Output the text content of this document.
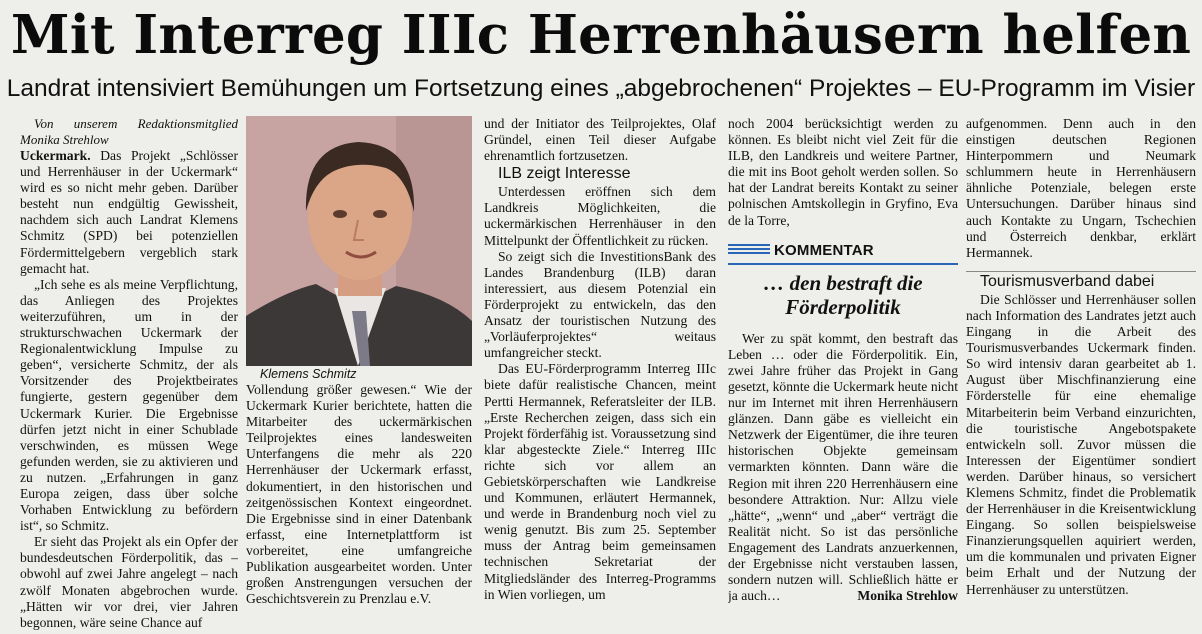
Mit Interreg IIIc Herrenhäusern helfen
Landrat intensiviert Bemühungen um Fortsetzung eines „abgebrochenen“ Projektes – EU-Programm im Visier

Von unserem Redaktionsmitglied Monika Strehlow

Uckermark. Das Projekt „Schlösser und Herrenhäuser in der Uckermark“ wird es so nicht mehr geben. Darüber besteht nun endgültig Gewissheit, nachdem sich auch Landrat Klemens Schmitz (SPD) bei potenziellen Fördermittelgebern vergeblich stark gemacht hat.

„Ich sehe es als meine Verpflichtung, das Anliegen des Projektes weiterzuführen, um in der strukturschwachen Uckermark der Regionalentwicklung Impulse zu geben“, versicherte Schmitz, der als Vorsitzender des Projektbeirates fungierte, gestern gegenüber dem Uckermark Kurier. Die Ergebnisse dürfen jetzt nicht in einer Schublade verschwinden, es müssen Wege gefunden werden, sie zu aktivieren und zu nutzen. „Erfahrungen in ganz Europa zeigen, dass über solche Vorhaben Entwicklung zu befördern ist“, so Schmitz.

Er sieht das Projekt als ein Opfer der bundesdeutschen Förderpolitik, das – obwohl auf zwei Jahre angelegt – nach zwölf Monaten abgebrochen wurde. „Hätten wir vor drei, vier Jahren begonnen, wäre seine Chance auf

Klemens Schmitz

Vollendung größer gewesen.“ Wie der Uckermark Kurier berichtete, hatten die Mitarbeiter des uckermärkischen Teilprojektes eines landesweiten Unterfangens die mehr als 220 Herrenhäuser der Uckermark erfasst, dokumentiert, in den historischen und zeitgenössischen Kontext eingeordnet. Die Ergebnisse sind in einer Datenbank erfasst, eine Internetplattform ist vorbereitet, eine umfangreiche Publikation ausgearbeitet worden. Unter großen Anstrengungen versuchen der Geschichtsverein zu Prenzlau e.V.

und der Initiator des Teilprojektes, Olaf Gründel, einen Teil dieser Aufgabe ehrenamtlich fortzusetzen.

ILB zeigt Interesse

Unterdessen eröffnen sich dem Landkreis Möglichkeiten, die uckermärkischen Herrenhäuser in den Mittelpunkt der Öffentlichkeit zu rücken.

So zeigt sich die InvestitionsBank des Landes Brandenburg (ILB) daran interessiert, aus diesem Potenzial ein Förderprojekt zu entwickeln, das den Ansatz der touristischen Nutzung des „Vorläuferprojektes“ weitaus umfangreicher steckt.

Das EU-Förderprogramm Interreg IIIc biete dafür realistische Chancen, meint Pertti Hermannek, Referatsleiter der ILB. „Erste Recherchen zeigen, dass sich ein Projekt förderfähig ist. Voraussetzung sind klar abgesteckte Ziele.“ Interreg IIIc richte sich vor allem an Gebietskörperschaften wie Landkreise und Kommunen, erläutert Hermannek, und werde in Brandenburg noch viel zu wenig genutzt. Bis zum 25. September muss der Antrag beim gemeinsamen technischen Sekretariat der Mitgliedsländer des Interreg-Programms in Wien vorliegen, um

noch 2004 berücksichtigt werden zu können. Es bleibt nicht viel Zeit für die ILB, den Landkreis und weitere Partner, die mit ins Boot geholt werden sollen. So hat der Landrat bereits Kontakt zu seiner polnischen Amtskollegin in Gryfino, Eva de la Torre,

KOMMENTAR
… den bestraft die Förderpolitik

Wer zu spät kommt, den bestraft das Leben … oder die Förderpolitik. Ein, zwei Jahre früher das Projekt in Gang gesetzt, könnte die Uckermark heute nicht nur im Internet mit ihren Herrenhäusern glänzen. Dann gäbe es vielleicht ein Netzwerk der Eigentümer, die ihre teuren historischen Objekte gemeinsam vermarkten könnten. Dann wäre die Region mit ihren 220 Herrenhäusern eine besondere Attraktion. Nur: Allzu viele „hätte“, „wenn“ und „aber“ verträgt die Realität nicht. So ist das persönliche Engagement des Landrats anzuerkennen, der Ergebnisse nicht verstauben lassen, sondern nutzen will. Schließlich hätte er ja auch…	Monika Strehlow

aufgenommen. Denn auch in den einstigen deutschen Regionen Hinterpommern und Neumark schlummern heute in Herrenhäusern ähnliche Potenziale, belegen erste Untersuchungen. Darüber hinaus sind auch Kontakte zu Ungarn, Tschechien und Österreich denkbar, erklärt Hermannek.

Tourismusverband dabei

Die Schlösser und Herrenhäuser sollen nach Information des Landrates jetzt auch Eingang in die Arbeit des Tourismusverbandes Uckermark finden. So wird intensiv daran gearbeitet ab 1. August über Mischfinanzierung eine Förderstelle für eine ehemalige Mitarbeiterin beim Verband einzurichten, die touristische Angebotspakete entwickeln soll. Zuvor müssen die Interessen der Eigentümer sondiert werden. Darüber hinaus, so versichert Klemens Schmitz, findet die Problematik der Herrenhäuser in die Kreisentwicklung Eingang. So sollen beispielsweise Finanzierungsquellen aquiriert werden, um die kommunalen und privaten Eigner beim Erhalt und der Nutzung der Herrenhäuser zu unterstützen.
